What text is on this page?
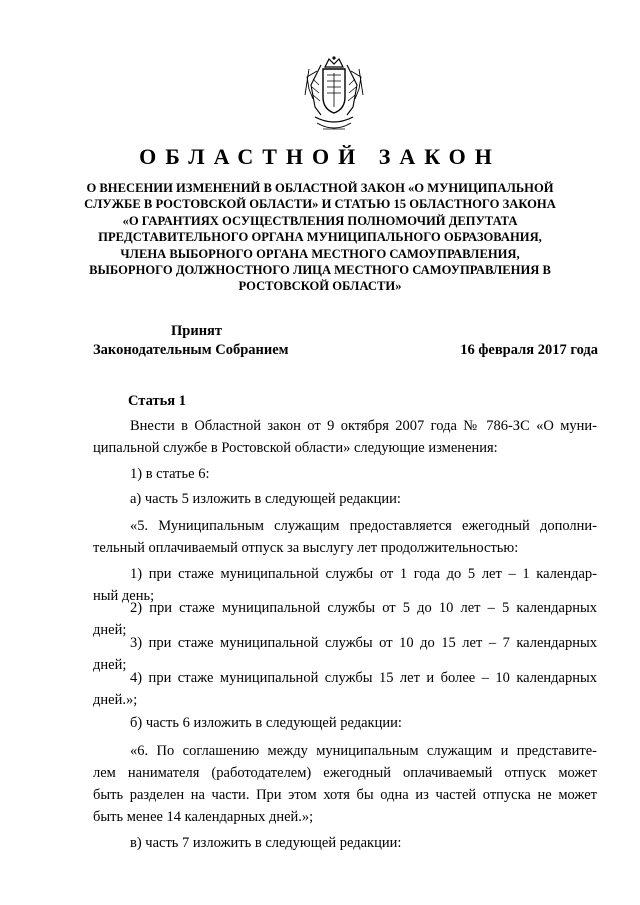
ОБЛАСТНОЙ ЗАКОН
О ВНЕСЕНИИ ИЗМЕНЕНИЙ В ОБЛАСТНОЙ ЗАКОН «О МУНИЦИПАЛЬНОЙ
СЛУЖБЕ В РОСТОВСКОЙ ОБЛАСТИ» И СТАТЬЮ 15 ОБЛАСТНОГО ЗАКОНА
«О ГАРАНТИЯХ ОСУЩЕСТВЛЕНИЯ ПОЛНОМОЧИЙ ДЕПУТАТА
ПРЕДСТАВИТЕЛЬНОГО ОРГАНА МУНИЦИПАЛЬНОГО ОБРАЗОВАНИЯ,
ЧЛЕНА ВЫБОРНОГО ОРГАНА МЕСТНОГО САМОУПРАВЛЕНИЯ,
ВЫБОРНОГО ДОЛЖНОСТНОГО ЛИЦА МЕСТНОГО САМОУПРАВЛЕНИЯ В
РОСТОВСКОЙ ОБЛАСТИ»
Принят
Законодательным Собранием	16 февраля 2017 года
Статья 1
Внести в Областной закон от 9 октября 2007 года № 786-ЗС «О муни-
ципальной службе в Ростовской области» следующие изменения:
1) в статье 6:
а) часть 5 изложить в следующей редакции:
«5. Муниципальным служащим предоставляется ежегодный дополни-
тельный оплачиваемый отпуск за выслугу лет продолжительностью:
1) при стаже муниципальной службы от 1 года до 5 лет – 1 календар-
ный день;
2) при стаже муниципальной службы от 5 до 10 лет – 5 календарных
дней;
3) при стаже муниципальной службы от 10 до 15 лет – 7 календарных
дней;
4) при стаже муниципальной службы 15 лет и более – 10 календарных
дней.»;
б) часть 6 изложить в следующей редакции:
«6. По соглашению между муниципальным служащим и представите-
лем нанимателя (работодателем) ежегодный оплачиваемый отпуск может
быть разделен на части. При этом хотя бы одна из частей отпуска не может
быть менее 14 календарных дней.»;
в) часть 7 изложить в следующей редакции:
